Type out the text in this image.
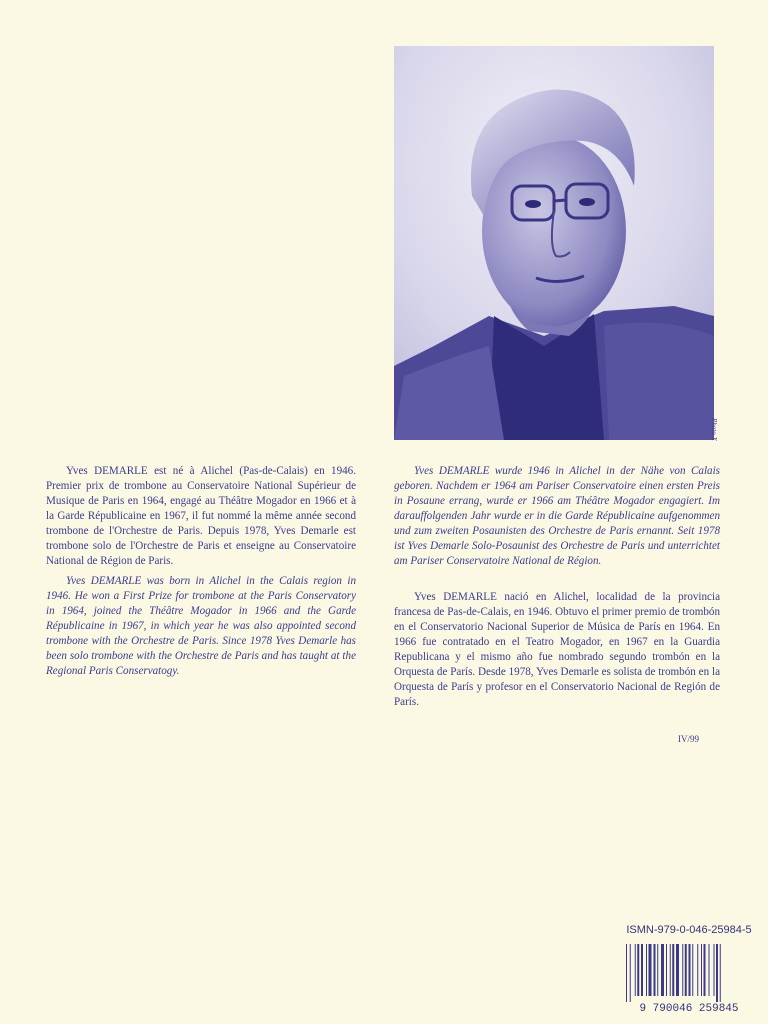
Photo X

Yves DEMARLE est né à Alichel (Pas-de-Calais) en 1946. Premier prix de trombone au Conservatoire National Supérieur de Musique de Paris en 1964, engagé au Théâtre Mogador en 1966 et à la Garde Républicaine en 1967, il fut nommé la même année second trombone de l'Orchestre de Paris. Depuis 1978, Yves Demarle est trombone solo de l'Orchestre de Paris et enseigne au Conservatoire National de Région de Paris.

Yves DEMARLE was born in Alichel in the Calais region in 1946. He won a First Prize for trombone at the Paris Conservatory in 1964, joined the Théâtre Mogador in 1966 and the Garde Républicaine in 1967, in which year he was also appointed second trombone with the Orchestre de Paris. Since 1978 Yves Demarle has been solo trombone with the Orchestre de Paris and has taught at the Regional Paris Conservatogy.

Yves DEMARLE wurde 1946 in Alichel in der Nähe von Calais geboren. Nachdem er 1964 am Pariser Conservatoire einen ersten Preis in Posaune errang, wurde er 1966 am Théâtre Mogador engagiert. Im darauffolgenden Jahr wurde er in die Garde Républicaine aufgenommen und zum zweiten Posaunisten des Orchestre de Paris ernannt. Seit 1978 ist Yves Demarle Solo-Posaunist des Orchestre de Paris und unterrichtet am Pariser Conservatoire National de Région.

Yves DEMARLE nació en Alichel, localidad de la provincia francesa de Pas-de-Calais, en 1946. Obtuvo el primer premio de trombón en el Conservatorio Nacional Superior de Música de París en 1964. En 1966 fue contratado en el Teatro Mogador, en 1967 en la Guardia Republicana y el mismo año fue nombrado segundo trombón en la Orquesta de París. Desde 1978, Yves Demarle es solista de trombón en la Orquesta de París y profesor en el Conservatorio Nacional de Región de París.

IV/99
ISMN-979-0-046-25984-5
9 790046 259845
